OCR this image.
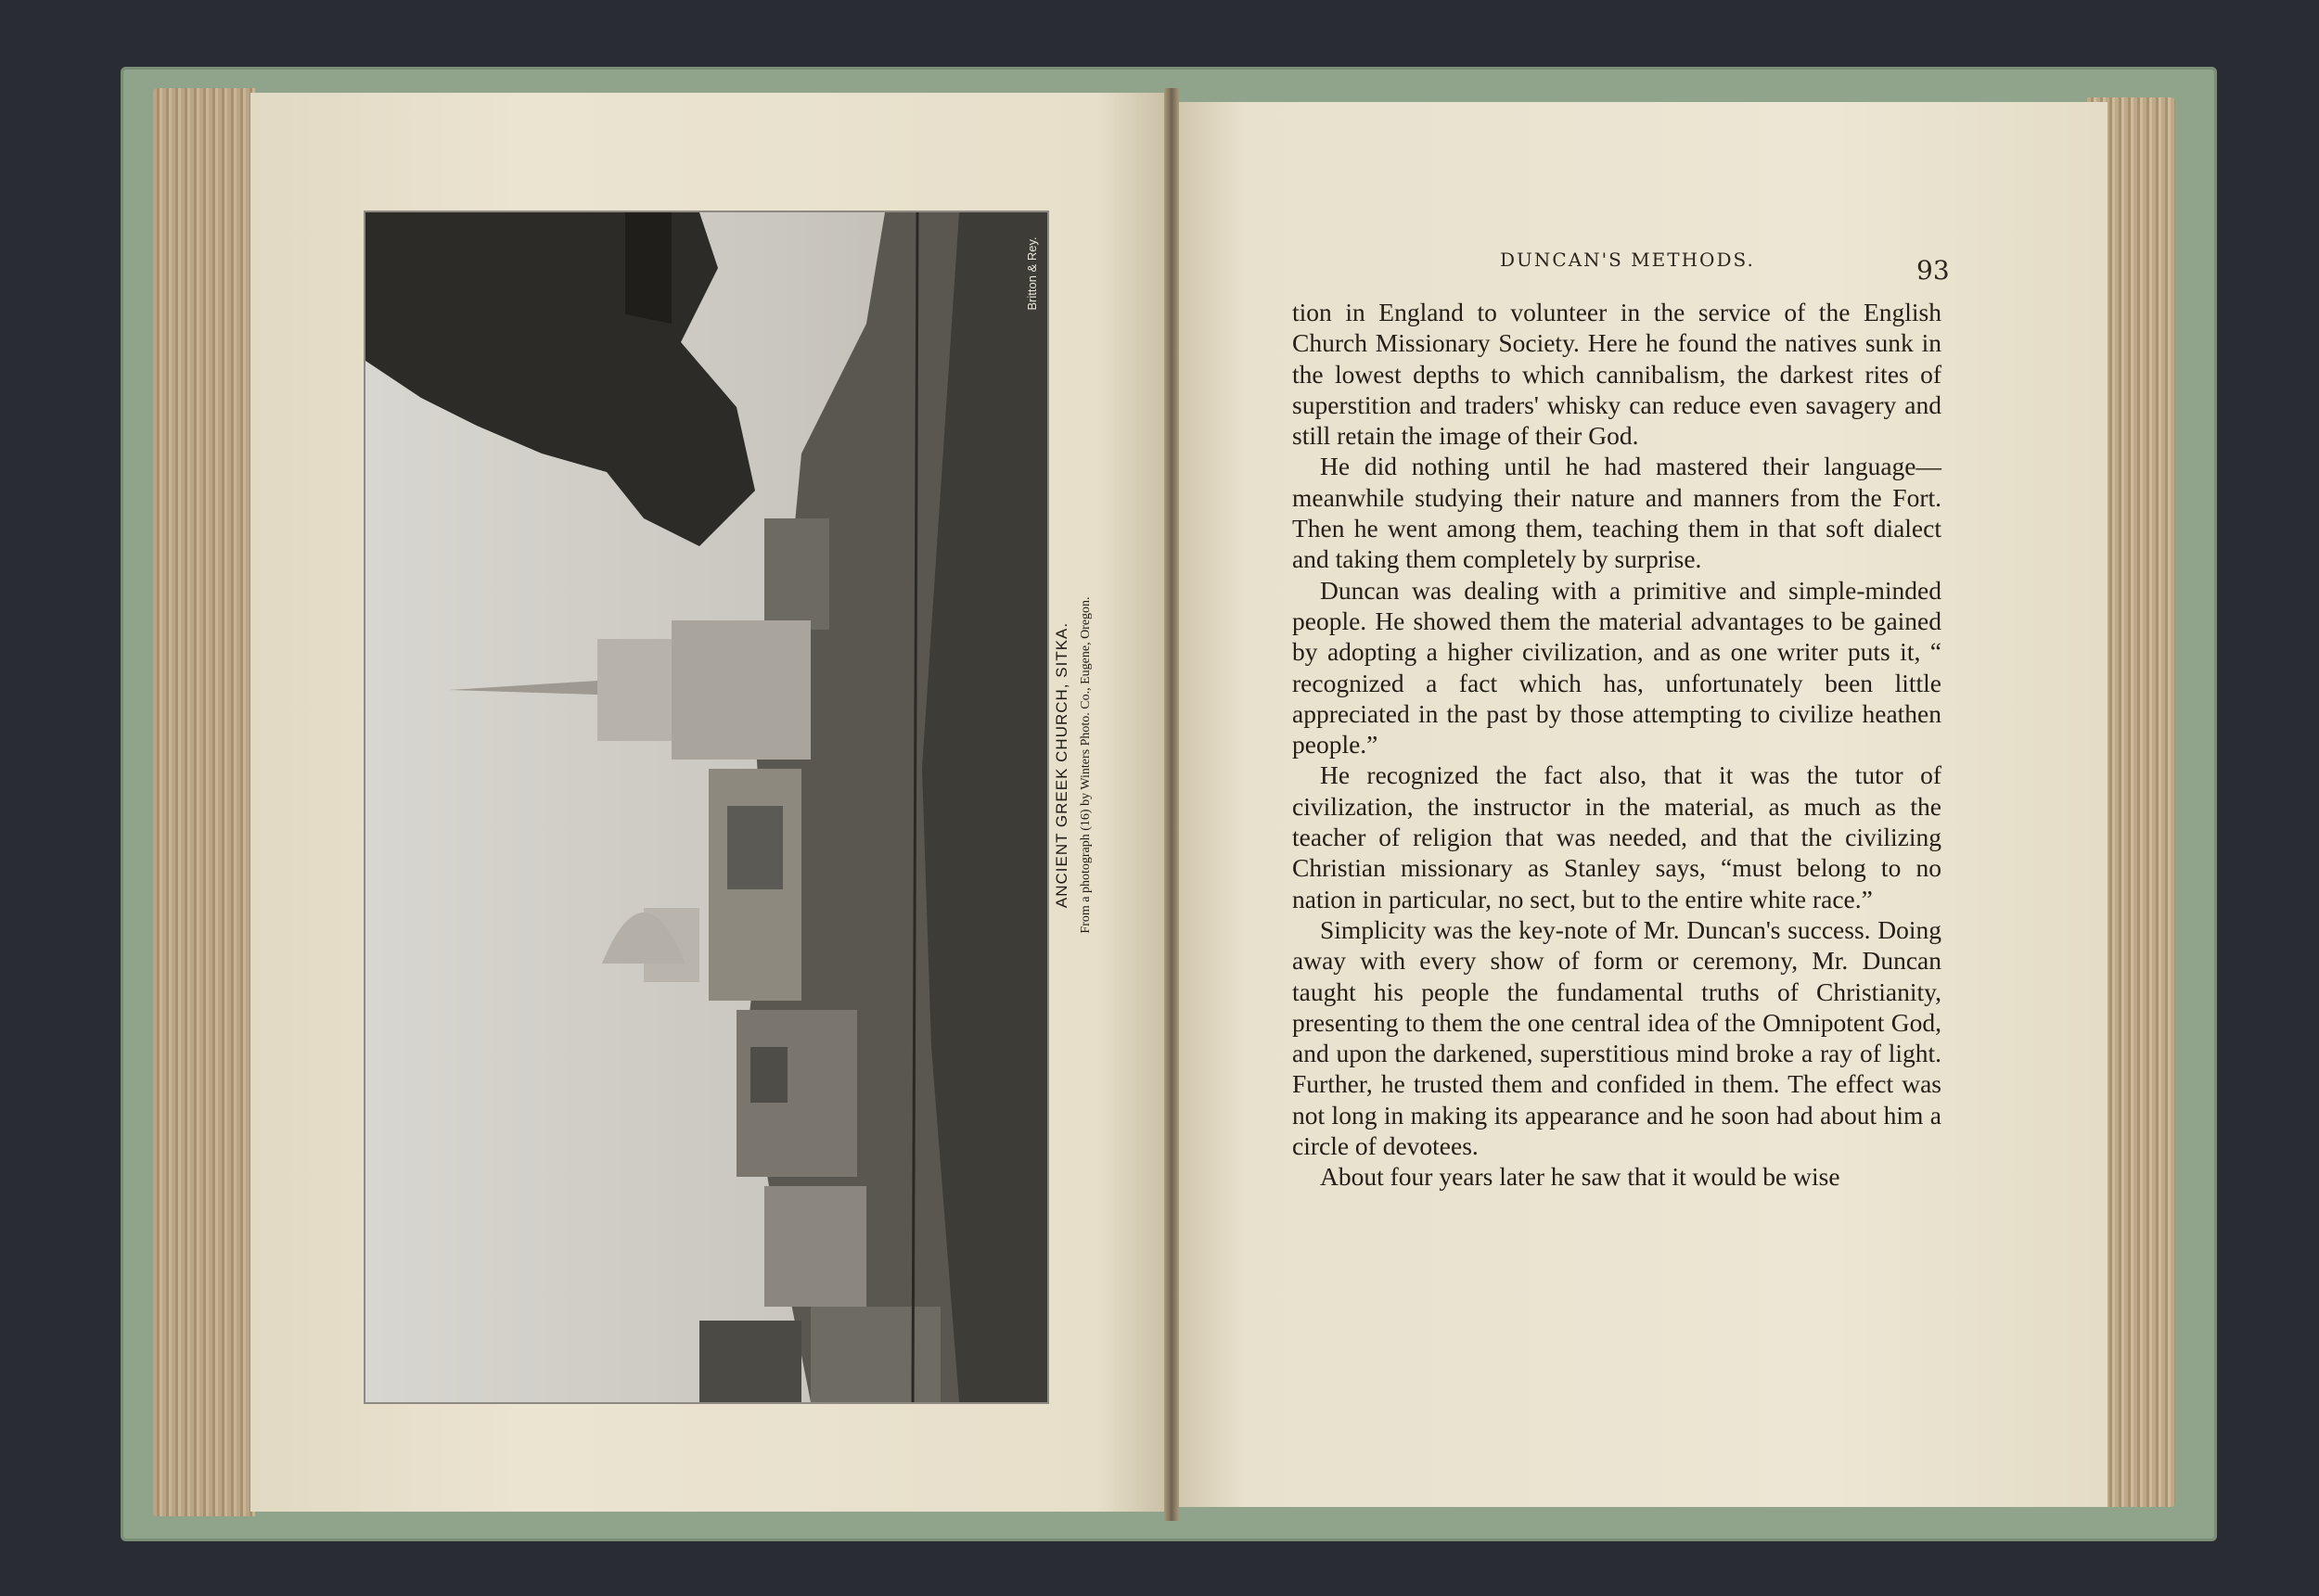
Britton & Rey.

ANCIENT GREEK CHURCH, SITKA. From a photograph (16) by Winters Photo. Co., Eugene, Oregon.

DUNCAN'S METHODS.	93

tion in England to volunteer in the service of the English Church Missionary Society. Here he found the natives sunk in the lowest depths to which cannibalism, the darkest rites of superstition and traders' whisky can reduce even savagery and still retain the image of their God.

He did nothing until he had mastered their language—meanwhile studying their nature and manners from the Fort. Then he went among them, teaching them in that soft dialect and taking them completely by surprise.

Duncan was dealing with a primitive and simple-minded people. He showed them the material advantages to be gained by adopting a higher civilization, and as one writer puts it, “ recognized a fact which has, unfortunately been little appreciated in the past by those attempting to civilize heathen people.”

He recognized the fact also, that it was the tutor of civilization, the instructor in the material, as much as the teacher of religion that was needed, and that the civilizing Christian missionary as Stanley says, “must belong to no nation in particular, no sect, but to the entire white race.”

Simplicity was the key-note of Mr. Duncan's success. Doing away with every show of form or ceremony, Mr. Duncan taught his people the fundamental truths of Christianity, presenting to them the one central idea of the Omnipotent God, and upon the darkened, superstitious mind broke a ray of light. Further, he trusted them and confided in them. The effect was not long in making its appearance and he soon had about him a circle of devotees.

About four years later he saw that it would be wise
